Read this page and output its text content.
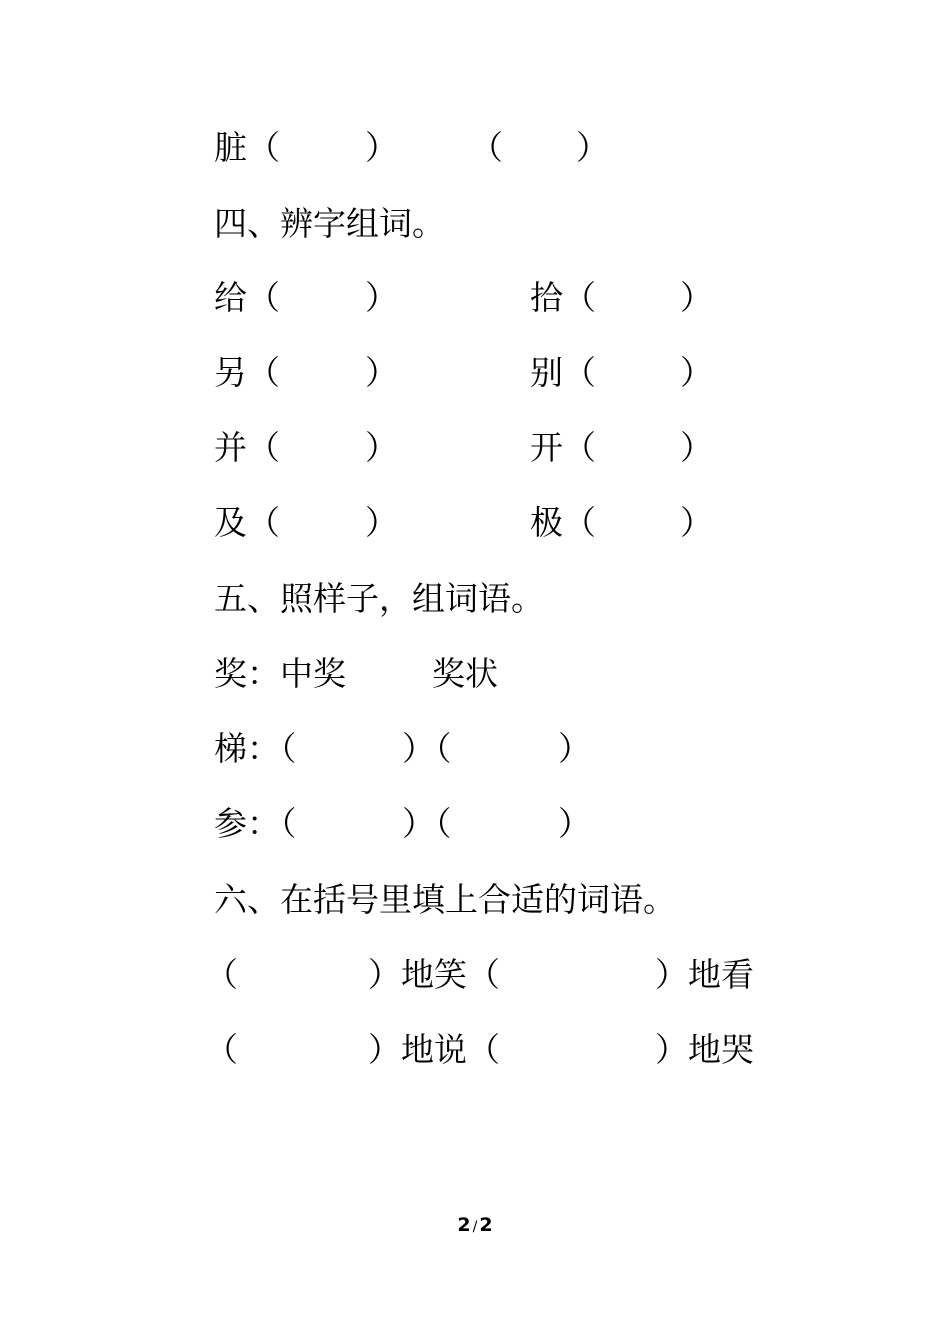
脏（	） （ ）
四、辨字组词。
给（	）	拾（	）
另（	）	别（	）
并（	）	开（	）
及（	）	极（	）
五、照样子，组词语。
奖：中奖	奖状
梯：（	）（	）
参：（	）（	）
六、在括号里填上合适的词语。
（	）地笑（	）地看
（	）地说（	）地哭
2 / 2
